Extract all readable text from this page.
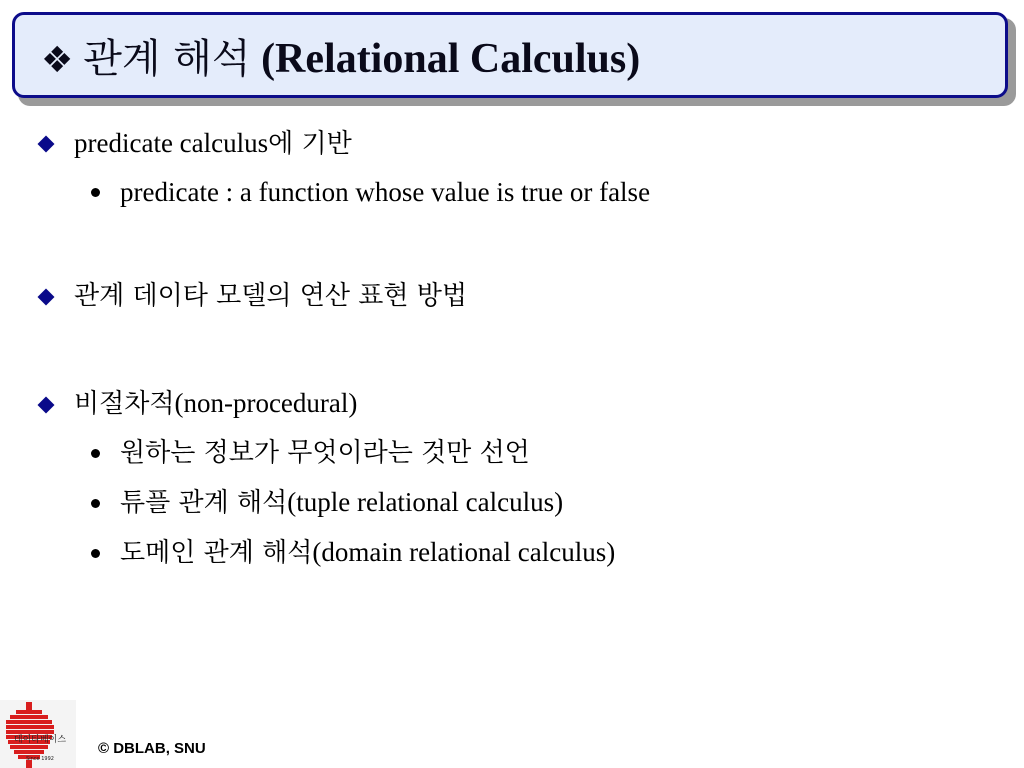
❖ 관계 해석 (Relational Calculus)
predicate calculus에 기반
predicate : a function whose value is true or false
관계 데이타 모델의 연산 표현 방법
비절차적(non-procedural)
원하는 정보가 무엇이라는 것만 선언
튜플 관계 해석(tuple relational calculus)
도메인 관계 해석(domain relational calculus)
데이타베이스
Since 1992
© DBLAB, SNU
